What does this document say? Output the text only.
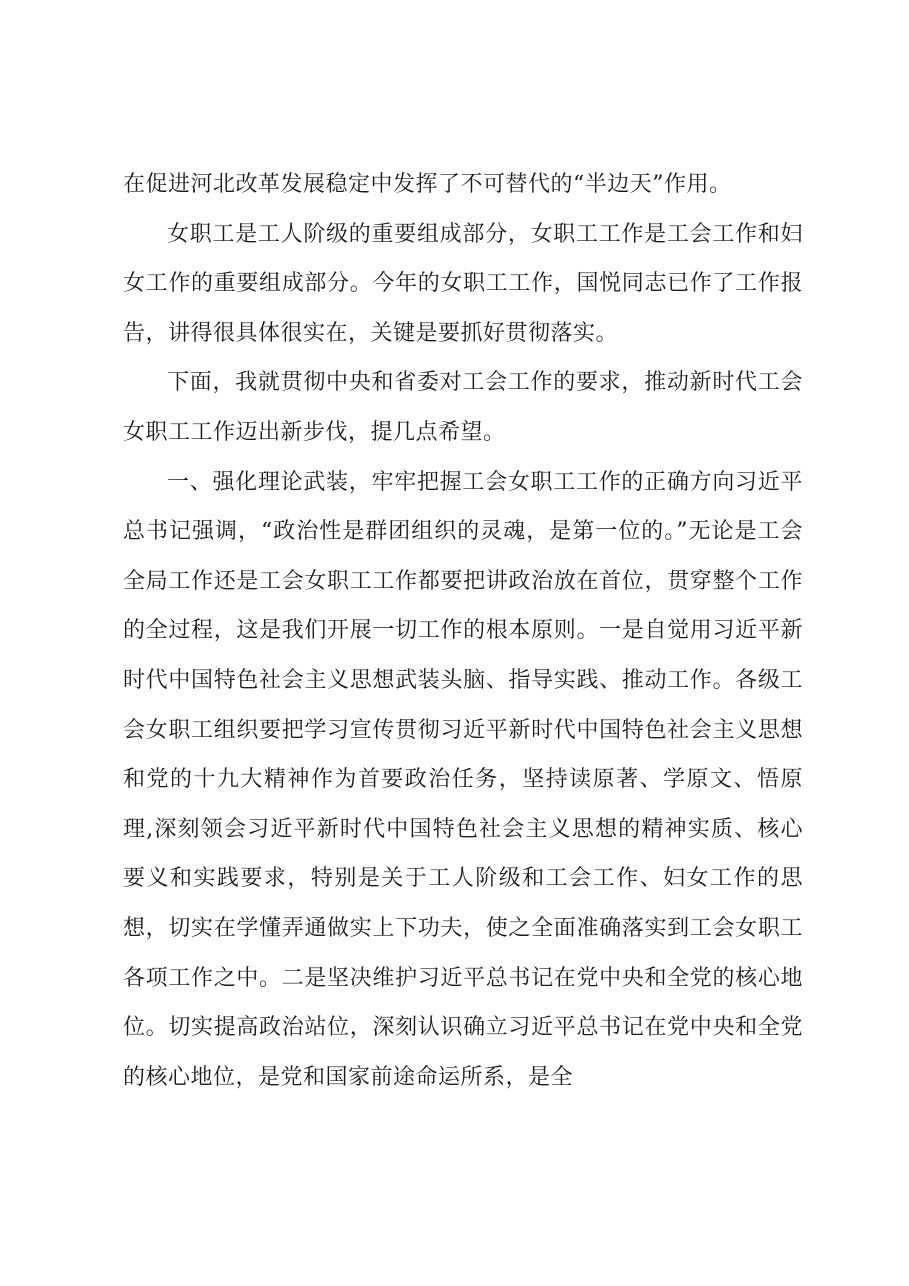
在促进河北改革发展稳定中发挥了不可替代的“半边天”作用。

女职工是工人阶级的重要组成部分，女职工工作是工会工作和妇女工作的重要组成部分。今年的女职工工作，国悦同志已作了工作报告，讲得很具体很实在，关键是要抓好贯彻落实。

下面，我就贯彻中央和省委对工会工作的要求，推动新时代工会女职工工作迈出新步伐，提几点希望。

一、强化理论武装，牢牢把握工会女职工工作的正确方向习近平总书记强调，“政治性是群团组织的灵魂，是第一位的。”无论是工会全局工作还是工会女职工工作都要把讲政治放在首位，贯穿整个工作的全过程，这是我们开展一切工作的根本原则。一是自觉用习近平新时代中国特色社会主义思想武装头脑、指导实践、推动工作。各级工会女职工组织要把学习宣传贯彻习近平新时代中国特色社会主义思想和党的十九大精神作为首要政治任务，坚持读原著、学原文、悟原理,深刻领会习近平新时代中国特色社会主义思想的精神实质、核心要义和实践要求，特别是关于工人阶级和工会工作、妇女工作的思想，切实在学懂弄通做实上下功夫，使之全面准确落实到工会女职工各项工作之中。二是坚决维护习近平总书记在党中央和全党的核心地位。切实提高政治站位，深刻认识确立习近平总书记在党中央和全党的核心地位，是党和国家前途命运所系，是全
